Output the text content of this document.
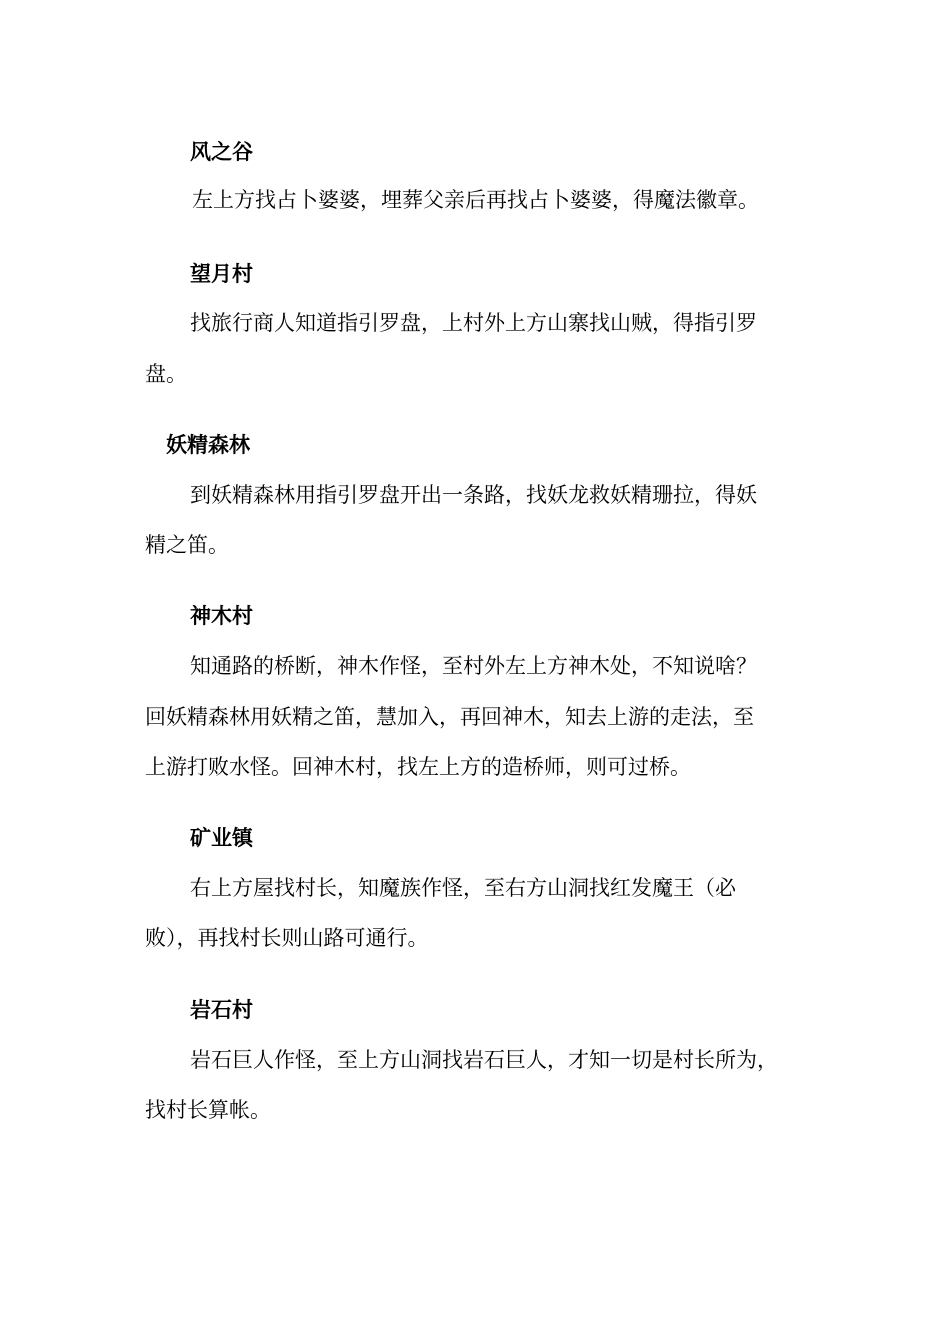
风之谷
左上方找占卜婆婆，埋葬父亲后再找占卜婆婆，得魔法徽章。
望月村
找旅行商人知道指引罗盘，上村外上方山寨找山贼，得指引罗
盘。
妖精森林
到妖精森林用指引罗盘开出一条路，找妖龙救妖精珊拉，得妖
精之笛。
神木村
知通路的桥断，神木作怪，至村外左上方神木处，不知说啥？
回妖精森林用妖精之笛，慧加入，再回神木，知去上游的走法，至
上游打败水怪。回神木村，找左上方的造桥师，则可过桥。
矿业镇
右上方屋找村长，知魔族作怪，至右方山洞找红发魔王（必
败），再找村长则山路可通行。
岩石村
岩石巨人作怪，至上方山洞找岩石巨人，才知一切是村长所为，
找村长算帐。
